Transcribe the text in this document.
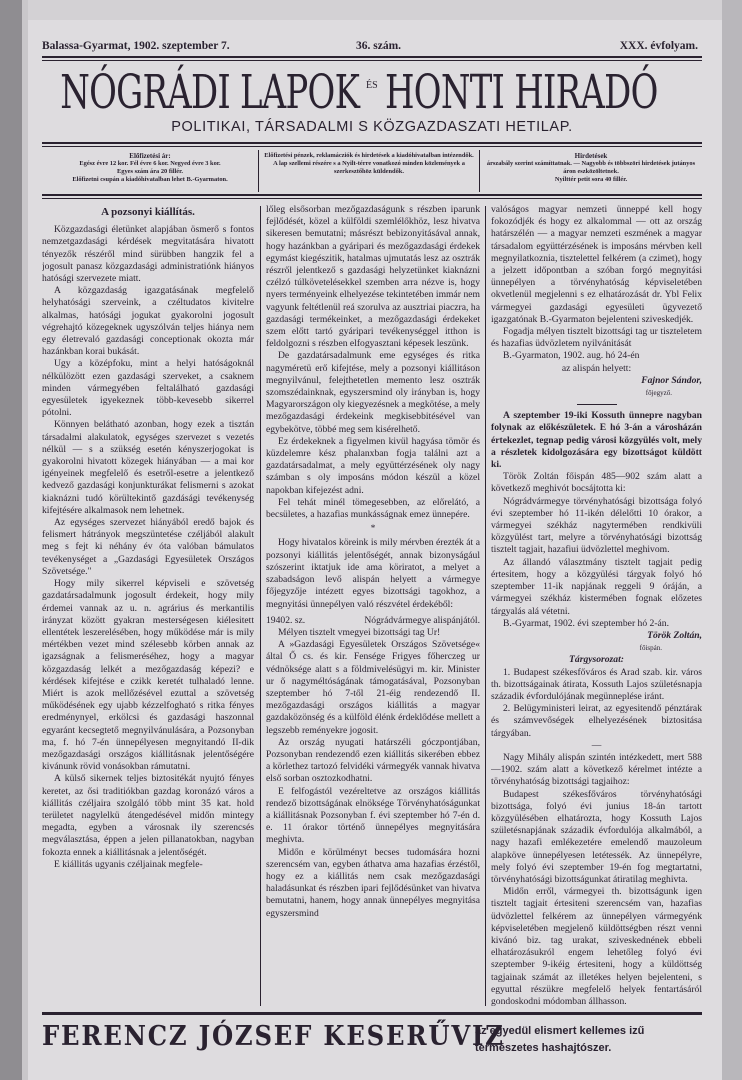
Balassa-Gyarmat, 1902. szeptember 7.	36. szám.	XXX. évfolyam.
NÓGRÁDI LAPOK ÉS HONTI HIRADÓ
POLITIKAI, TÁRSADALMI S KÖZGAZDASZATI HETILAP.
Előfizetési ár:
Egész évre 12 kor. Fél évre 6 kor. Negyed évre 3 kor.
Egyes szám ára 20 fillér.
Előfizetni csupán a kiadóhivatalban lehet B.-Gyarmaton.
Előfizetési pénzek, reklamácziók és hirdetések a kiadóhivatalban intézendők.
A lap szellemi részére s a Nyilt-térre vonatkozó minden közlemények a szerkesztőhöz küldendők.
Hirdetések
árszabály szerint számíttatnak. — Nagyobb és többszöri hirdetések jutányos áron eszközöltetnek.
Nyilttér petit sora 40 fillér.
A pozsonyi kiállítás.

Közgazdasági életünket alapjában ösmerő s fontos nemzetgazdasági kérdések megvitatására hivatott tényezők részéről mind sürübben hangzik fel a jogosult panasz közgazdasági administratiónk hiányos hatósági szervezete miatt.

A közgazdaság igazgatásának megfelelő helyhatósági szerveink, a czéltudatos kivitelre alkalmas, hatósági jogukat gyakorolni jogosult végrehajtó közegeknek ugyszólván teljes hiánya nem egy életrevaló gazdasági conceptionak okozta már hazánkban korai bukását.

Ugy a középfoku, mint a helyi hatóságoknál nélkülözött ezen gazdasági szerveket, a csaknem minden vármegyében feltalálható gazdasági egyesületek igyekeznek több-kevesebb sikerrel pótolni.

Könnyen belátható azonban, hogy ezek a tisztán társadalmi alakulatok, egységes szervezet s vezetés nélkül — s a szükség esetén kényszerjogokat is gyakorolni hivatott közegek hiányában — a mai kor igényeinek megfelelő és esetről-esetre a jelentkező kedvező gazdasági konjunkturákat felismerni s azokat kiaknázni tudó körültekintő gazdásági tevékenység kifejtésére alkalmasok nem lehetnek.

Az egységes szervezet hiányából eredő bajok és felismert hátrányok megszüntetése czéljából alakult meg s fejt ki néhány év óta valóban bámulatos tevékenységet a „Gazdasági Egyesületek Országos Szövetsége."

Hogy mily sikerrel képviseli e szövetség gazdatársadalmunk jogosult érdekeit, hogy mily érdemei vannak az u. n. agrárius és merkantilis irányzat között gyakran mesterségesen kiélesitett ellentétek leszerelésében, hogy működése már is mily mértékben vezet mind szélesebb körben annak az igazságnak a felismeréséhez, hogy a magyar közgazdaság lelkét a mezőgazdaság képezi? e kérdések kifejtése e czikk keretét tulhaladó lenne. Miért is azok mellőzésével ezuttal a szövetség működésének egy ujabb kézzelfogható s ritka fényes eredménynyel, erkölcsi és gazdasági haszonnal egyaránt kecsegtető megnyilvánulására, a Pozsonyban ma, f. hó 7-én ünnepélyesen megnyitandó II-dik mezőgazdasági országos kiállitásnak jelentőségére kivánunk rövid vonásokban rámutatni.

A külső sikernek teljes biztositékát nyujtó fényes keretet, az ősi traditiókban gazdag koronázó város a kiállitás czéljaira szolgáló több mint 35 kat. hold területet nagylelkü átengedésével midőn mintegy megadta, egyben a városnak ily szerencsés megválasztása, éppen a jelen pillanatokban, nagyban fokozta ennek a kiállitásnak a jelentőségét.

E kiállitás ugyanis czéljainak megfele-

lőleg elsősorban mezőgazdaságunk s részben iparunk fejlődését, közel a külföldi szemlélőkhöz, lesz hivatva sikeresen bemutatni; másrészt bebizonyitásával annak, hogy hazánkban a gyáripari és mezőgazdasági érdekek egymást kiegészitik, hatalmas ujmutatás lesz az osztrák részről jelentkező s gazdasági helyzetünket kiaknázni czélzó túlkövetelésekkel szemben arra nézve is, hogy nyers terményeink elhelyezése tekintetében immár nem vagyunk feltétlenül reá szorulva az ausztriai piaczra, ha gazdasági termékeinket, a mezőgazdasági érdekeket szem előtt tartó gyáripari tevékenységgel itthon is feldolgozni s részben elfogyasztani képesek leszünk.

De gazdatársadalmunk eme egységes és ritka nagyméretü erő kifejtése, mely a pozsonyi kiállitáson megnyilvánul, felejthetetlen memento lesz osztrák szomszédainknak, egyszersmind oly irányban is, hogy Magyarországon oly kiegyezésnek a megkötése, a mely mezőgazdasági érdekeink megkisebbitésével van egybekötve, többé meg sem kisérelhető.

Ez érdekeknek a figyelmen kivül hagyása tömör és küzdelemre kész phalanxban fogja találni azt a gazdatársadalmat, a mely együttérzésének oly nagy számban s oly imposáns módon készül a közel napokban kifejezést adni.

Fel tehát minél tömegesebben, az előrelátó, a becsületes, a hazafias munkásságnak emez ünnepére.

*

Hogy hivatalos köreink is mily mérvben érezték át a pozsonyi kiállitás jelentőségét, annak bizonyságául szószerint iktatjuk ide ama köriratot, a melyet a szabadságon levő alispán helyett a vármegye főjegyzője intézett egyes bizottsági tagokhoz, a megnyitási ünnepélyen való részvétel érdekéből:

19402. sz.	Nógrádvármegye alispánjától.

Mélyen tisztelt vmegyei bizottsági tag Ur!

A »Gazdasági Egyesületek Országos Szövetsége« által Ő cs. és kir. Fensége Frigyes főherczeg ur védnöksége alatt s a földmivelésügyi m. kir. Minister ur ő nagyméltóságának támogatásával, Pozsonyban szeptember hó 7-től 21-éig rendezendő II. mezőgazdasági országos kiállitás a magyar gazdaközönség és a külföld élénk érdeklődése mellett a legszebb reményekre jogosit.

Az ország nyugati határszéli góczpontjában, Pozsonyban rendezendő ezen kiállitás sikerében ebbez a körlethez tartozó felvidéki vármegyék vannak hivatva első sorban osztozkodhatni.

E felfogástól vezéreltetve az országos kiállitás rendező bizottságának elnöksége Törvényhatóságunkat a kiállitásnak Pozsonyban f. évi szeptember hó 7-én d. e. 11 órakor történő ünnepélyes megnyitására meghivta.

Midőn e körülményt becses tudomására hozni szerencsém van, egyben áthatva ama hazafias érzéstől, hogy ez a kiállitás nem csak mezőgazdasági haladásunkat és részben ipari fejlődésünket van hivatva bemutatni, hanem, hogy annak ünnepélyes megnyitása egyszersmind

valóságos magyar nemzeti ünneppé kell hogy fokozódjék és hogy ez alkalommal — ott az ország határszélén — a magyar nemzeti eszmének a magyar társadalom együttérzésének is imposáns mérvben kell megnyilatkoznia, tisztelettel felkérem (a czimet), hogy a jelzett időpontban a szóban forgó megnyitási ünnepélyen a törvényhatóság képviseletében okvetlenül megjelenni s ez elhatározását dr. Ybl Felix vármegyei gazdasági egyesületi ügyvezető igazgatónak B.-Gyarmaton bejelenteni sziveskedjék.

Fogadja mélyen tisztelt bizottsági tag ur tiszteletem és hazafias üdvözletem nyilvánitását

B.-Gyarmaton, 1902. aug. hó 24-én

az alispán helyett:
Fajnor Sándor,
főjegyző.

A szeptember 19-iki Kossuth ünnepre nagyban folynak az előkészületek. E hó 3-án a városházán értekezlet, tegnap pedig városi közgyülés volt, mely a részletek kidolgozására egy bizottságot küldött ki.

Török Zoltán főispán 485—902 szám alatt a következő meghivót bocsájtotta ki:

Nógrádvármegye törvényhatósági bizottsága folyó évi szeptember hó 11-ikén délelőtti 10 órakor, a vármegyei székház nagytermében rendkivüli közgyülést tart, melyre a törvényhatósági bizottság tisztelt tagjait, hazafiui üdvözlettel meghivom.

Az állandó választmány tisztelt tagjait pedig értesitem, hogy a közgyülési tárgyak folyó hó szeptember 11-ik napjának reggeli 9 óráján, a vármegyei székház kistermében fognak előzetes tárgyalás alá vétetni.

B.-Gyarmat, 1902. évi szeptember hó 2-án.

Török Zoltán,
főispán.
Tárgysorozat:

1. Budapest székesfőváros és Arad szab. kir. város th. bizottságainak átirata, Kossuth Lajos születésnapja századik évfordulójának megünneplése iránt.

2. Belügyministeri leirat, az egyesitendő pénztárak és számvevőségek elhelyezésének biztositása tárgyában.

—

Nagy Mihály alispán szintén intézkedett, mert 588—1902. szám alatt a következő kérelmet intézte a törvényhatóság bizottsági tagjaihoz:

Budapest székesfőváros törvényhatósági bizottsága, folyó évi junius 18-án tartott közgyülésében elhatározta, hogy Kossuth Lajos születésnapjának századik évfordulója alkalmából, a nagy hazafi emlékezetére emelendő mauzoleum alapköve ünnepélyesen letétessék. Az ünnepélyre, mely folyó évi szeptember 19-én fog megtartatni, törvényhatósági bizottságunkat átiratilag meghivta.

Midőn erről, vármegyei th. bizottságunk igen tisztelt tagjait értesiteni szerencsém van, hazafias üdvözlettel felkérem az ünnepélyen vármegyénk képviseletében megjelenő küldöttségben részt venni kivánó biz. tag urakat, sziveskednének ebbeli elhatározásukról engem lehetőleg folyó évi szeptember 9-ikéig értesiteni, hogy a küldöttség tagjainak számát az illetékes helyen bejelenteni, s egyuttal részükre megfelelő helyek fentartásáról gondoskodni módomban állhasson.

FERENCZ JÓZSEF KESERŰVIZ
az egyedül elismert kellemes izű
természetes hashajtószer.
